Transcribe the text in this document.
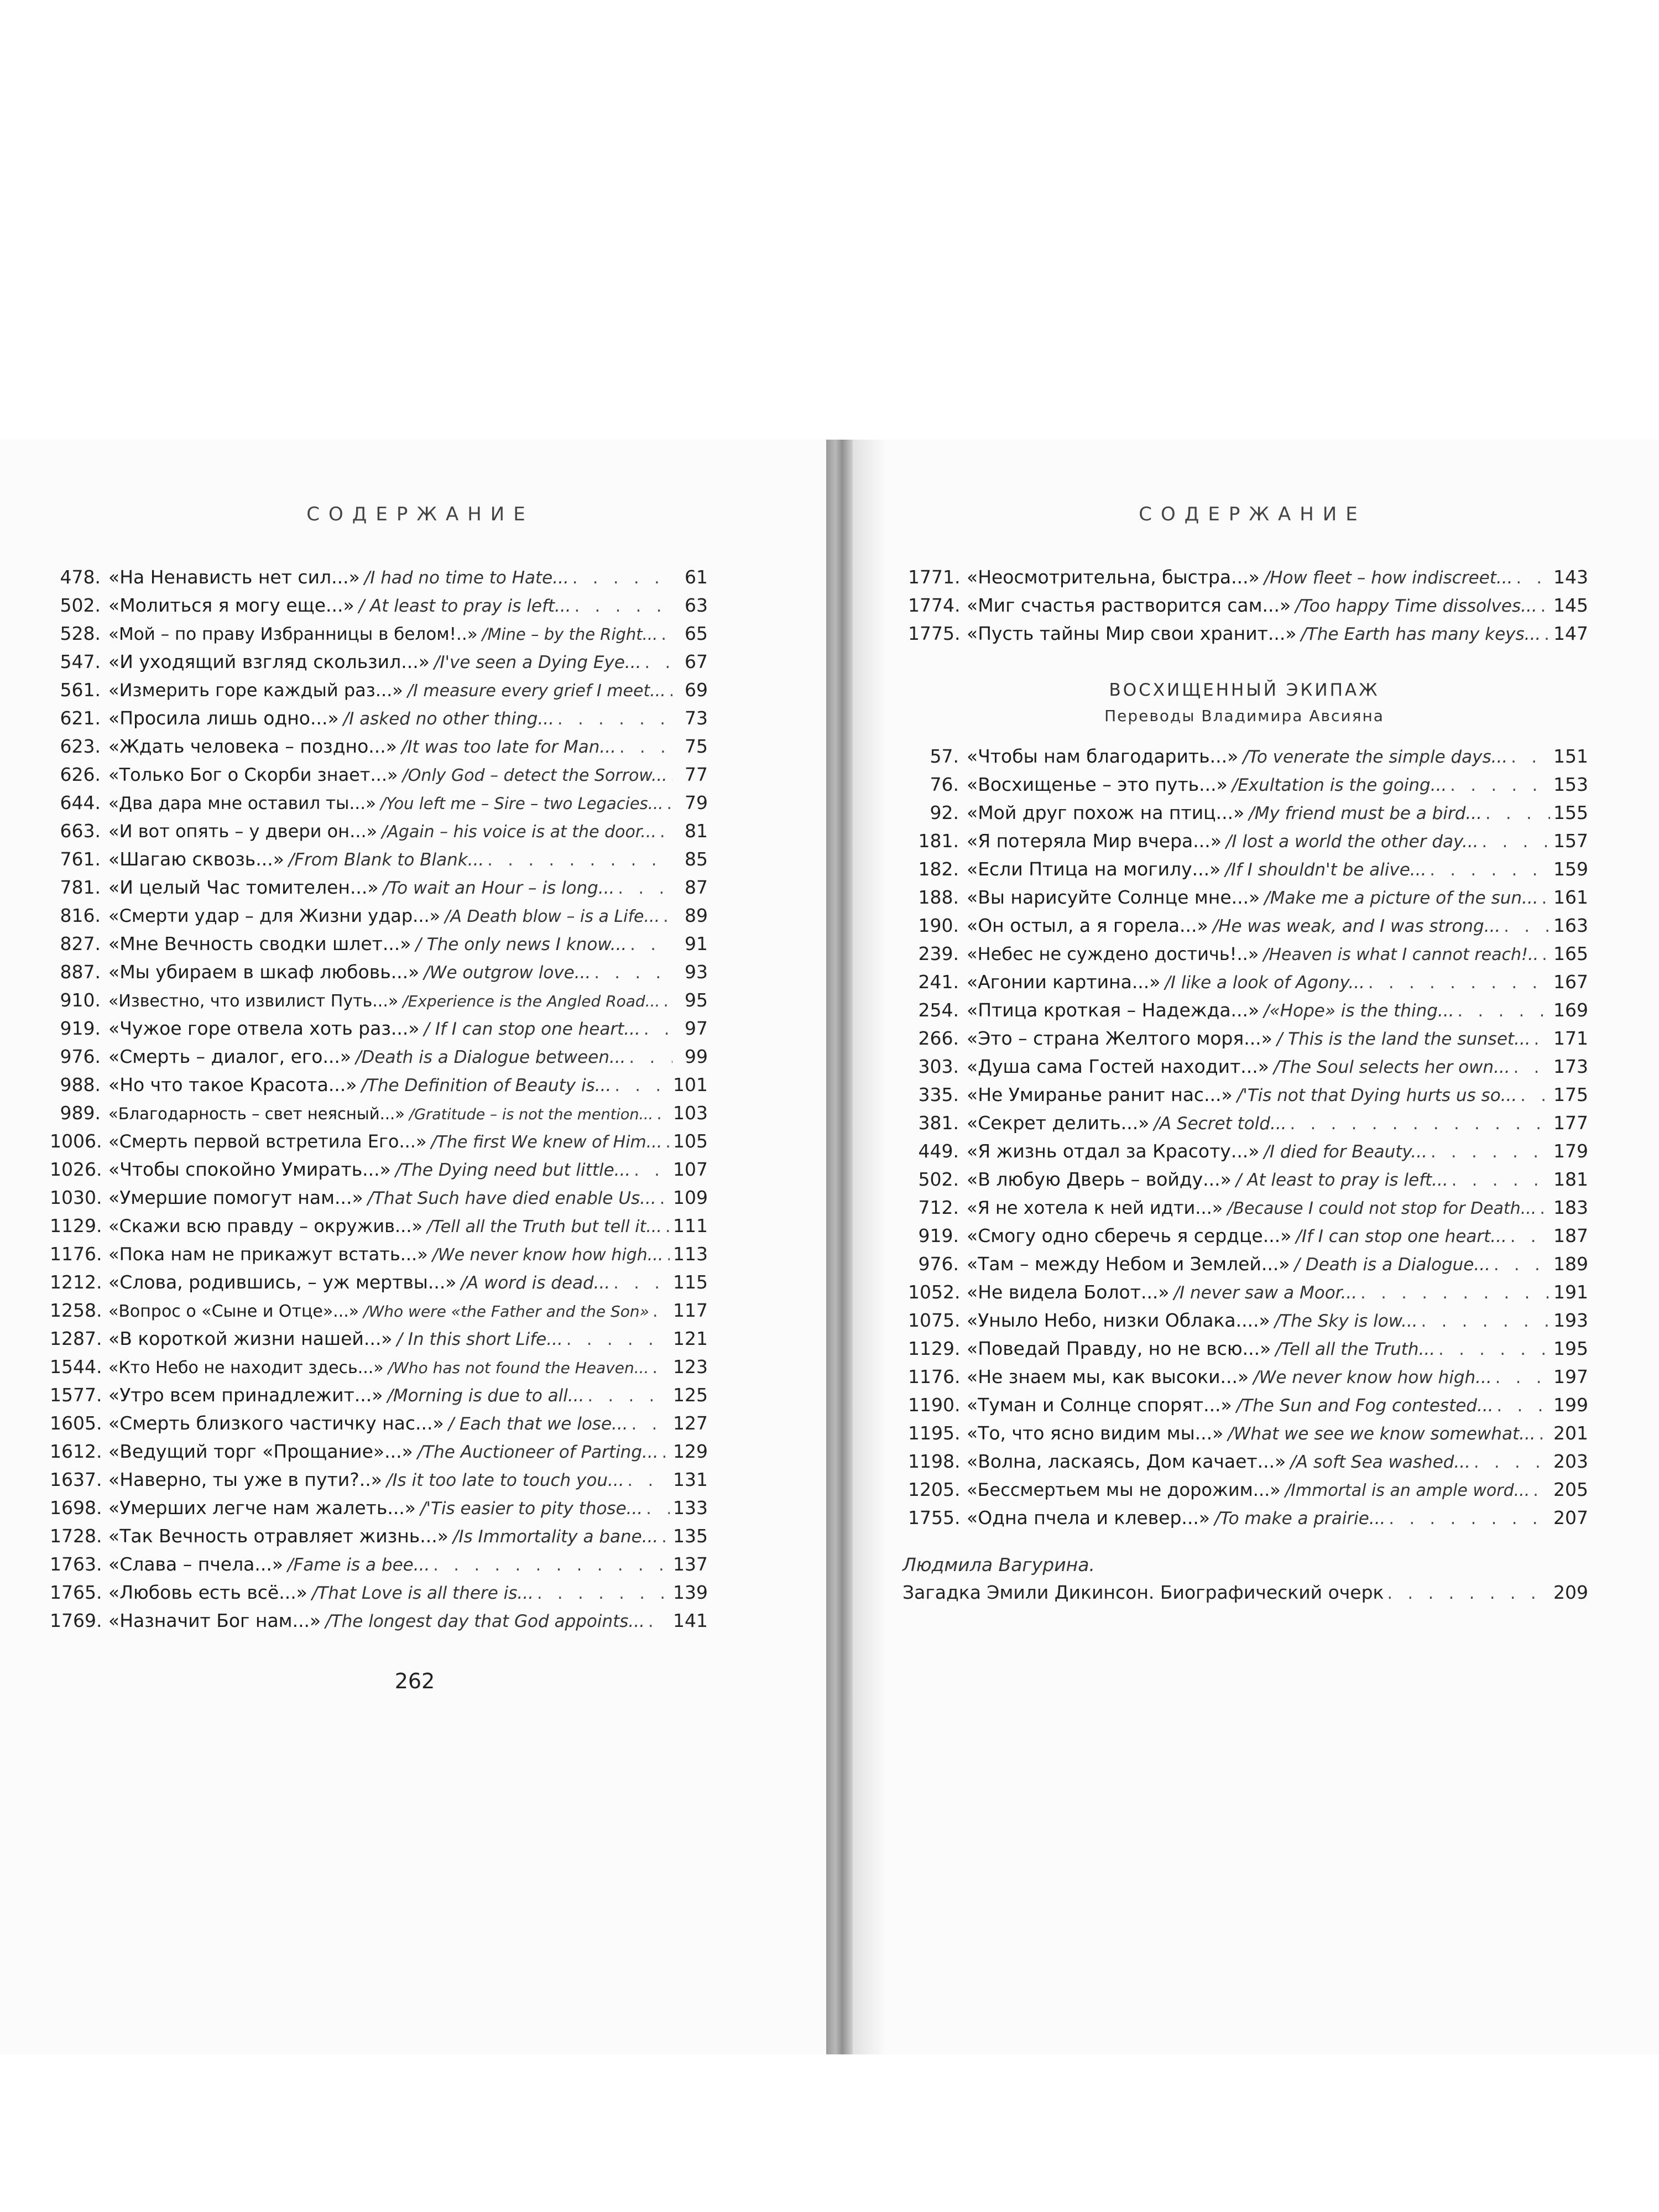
СОДЕРЖАНИЕ
478. «На Ненависть нет сил...» /I had no time to Hate... . . .	61
502. «Молиться я могу еще...» / At least to pray is left... . . .	63
528. «Мой – по праву Избранницы в белом!..» /Mine – by the Right... . . .	65
547. «И уходящий взгляд скользил...» /I've seen a Dying Eye... . . .	67
561. «Измерить горе каждый раз...» /I measure every grief I meet... . . .	69
621. «Просила лишь одно...» /I asked no other thing... . . .	73
623. «Ждать человека – поздно...» /It was too late for Man... . . .	75
626. «Только Бог о Скорби знает...» /Only God – detect the Sorrow... . . . 77
644. «Два дара мне оставил ты...» /You left me – Sire – two Legacies... . . .	79
663. «И вот опять – у двери он...» /Again – his voice is at the door... . . .	81
761. «Шагаю сквозь...» /From Blank to Blank... . . .	85
781. «И целый Час томителен...» /To wait an Hour – is long... . . .	87
816. «Смерти удар – для Жизни удар...» /A Death blow – is a Life... . . .	89
827. «Мне Вечность сводки шлет...» / The only news I know... . . .	91
887. «Мы убираем в шкаф любовь...» /We outgrow love... . . .	93
910. «Известно, что извилист Путь...» /Experience is the Angled Road... . . .	95
919. «Чужое горе отвела хоть раз...» / If I can stop one heart... . . .	97
976. «Смерть – диалог, его...» /Death is a Dialogue between... . . .	99
988. «Но что такое Красота...» /The Definition of Beauty is... . . .	101
989. «Благодарность – свет неясный...» /Gratitude – is not the mention... . . . 103
1006. «Смерть первой встретила Его...» /The first We knew of Him... . . . 105
1026. «Чтобы спокойно Умирать...» /The Dying need but little... . . . 107
1030. «Умершие помогут нам...» /That Such have died enable Us... . . . 109
1129. «Скажи всю правду – окружив...» /Tell all the Truth but tell it... . . . 111
1176. «Пока нам не прикажут встать...» /We never know how high... . . . 113
1212. «Слова, родившись, – уж мертвы...» /A word is dead... . . .	115
1258. «Вопрос о «Сыне и Отце»...» /Who were «the Father and the Son» . . . 117
1287. «В короткой жизни нашей...» / In this short Life... . . .	121
1544. «Кто Небо не находит здесь...» /Who has not found the Heaven... . . . 123
1577. «Утро всем принадлежит...» /Morning is due to all... . . .	125
1605. «Смерть близкого частичку нас...» / Each that we lose... . . . 127
1612. «Ведущий торг «Прощание»...» /The Auctioneer of Parting... . . . 129
1637. «Наверно, ты уже в пути?..» /Is it too late to touch you... . . .	131
1698. «Умерших легче нам жалеть...» /'Tis easier to pity those... . . . 133
1728. «Так Вечность отравляет жизнь...» /Is Immortality a bane... . . . 135
1763. «Слава – пчела...» /Fame is a bee... . . .	137
1765. «Любовь есть всё...» /That Love is all there is... . . .	139
1769. «Назначит Бог нам...» /The longest day that God appoints... . . . 141
262
СОДЕРЖАНИЕ
1771. «Неосмотрительна, быстра...» /How fleet – how indiscreet... . . . 143
1774. «Миг счастья растворится сам...» /Too happy Time dissolves... . . . 145
1775. «Пусть тайны Мир свои хранит...» /The Earth has many keys... . . . 147
ВОСХИЩЕННЫЙ ЭКИПАЖ
Переводы Владимира Авсияна
57. «Чтобы нам благодарить...» /To venerate the simple days... . . .	151
76. «Восхищенье – это путь...» /Exultation is the going... . . .	153
92. «Мой друг похож на птиц...» /My friend must be a bird... . . .	155
181. «Я потеряла Мир вчера...» /I lost a world the other day... . . .	157
182. «Если Птица на могилу...» /If I shouldn't be alive... . . .	159
188. «Вы нарисуйте Солнце мне...» /Make me a picture of the sun... . . . 161
190. «Он остыл, а я горела...» /He was weak, and I was strong... . . .	163
239. «Небес не суждено достичь!..» /Heaven is what I cannot reach!.. . . . 165
241. «Агонии картина...» /I like a look of Agony... . . .	167
254. «Птица кроткая – Надежда...» /«Hope» is the thing... . . .	169
266. «Это – страна Желтого моря...» / This is the land the sunset... . . . 171
303. «Душа сама Гостей находит...» /The Soul selects her own... . . . 173
335. «Не Умиранье ранит нас...» /'Tis not that Dying hurts us so... . . . 175
381. «Секрет делить...» /A Secret told... . . .	177
449. «Я жизнь отдал за Красоту...» /I died for Beauty... . . .	179
502. «В любую Дверь – войду...» / At least to pray is left... . . .	181
712. «Я не хотела к ней идти...» /Because I could not stop for Death... . . . 183
919. «Смогу одно сберечь я сердце...» /If I can stop one heart... . . .	187
976. «Там – между Небом и Землей...» / Death is a Dialogue... . . .	189
1052. «Не видела Болот...» /I never saw a Moor... . . .	191
1075. «Уныло Небо, низки Облака....» /The Sky is low... . . .	193
1129. «Поведай Правду, но не всю...» /Tell all the Truth... . . .	195
1176. «Не знаем мы, как высоки...» /We never know how high... . . .	197
1190. «Туман и Солнце спорят...» /The Sun and Fog contested... . . .	199
1195. «То, что ясно видим мы...» /What we see we know somewhat... . . . 201
1198. «Волна, ласкаясь, Дом качает...» /A soft Sea washed... . . .	203
1205. «Бессмертьем мы не дорожим...» /Immortal is an ample word... . . . 205
1755. «Одна пчела и клевер...» /To make a prairie... . . .	207
Людмила Вагурина.
Загадка Эмили Дикинсон. Биографический очерк . . .	209
